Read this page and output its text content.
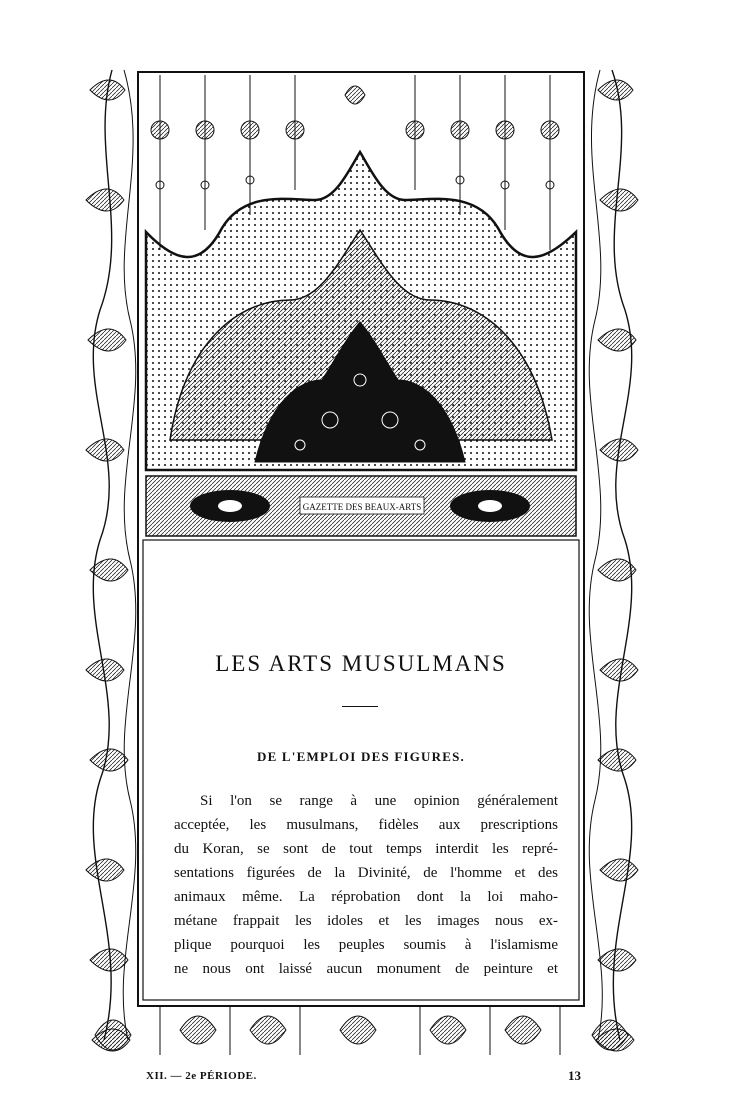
GAZETTE DES BEAUX-ARTS
LES ARTS MUSULMANS
DE L'EMPLOI DES FIGURES.

Si l'on se range à une opinion généralement
acceptée, les musulmans, fidèles aux prescriptions
du Koran, se sont de tout temps interdit les repré-
sentations figurées de la Divinité, de l'homme et des
animaux même. La réprobation dont la loi maho-
métane frappait les idoles et les images nous ex-
plique pourquoi les peuples soumis à l'islamisme
ne nous ont laissé aucun monument de peinture et

XII. — 2e PÉRIODE.	13
